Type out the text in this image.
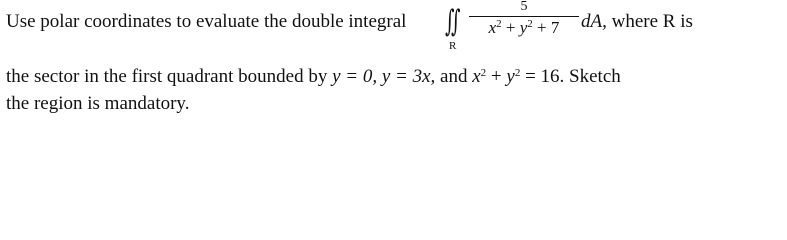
Use polar coordinates to evaluate the double integral ∬
R
5
$x^2 + y^2 + 7$	dA, where R is
the sector in the first quadrant bounded by y = 0, y = 3x, and $x^2 + y^2 = 16$. Sketch
the region is mandatory.
